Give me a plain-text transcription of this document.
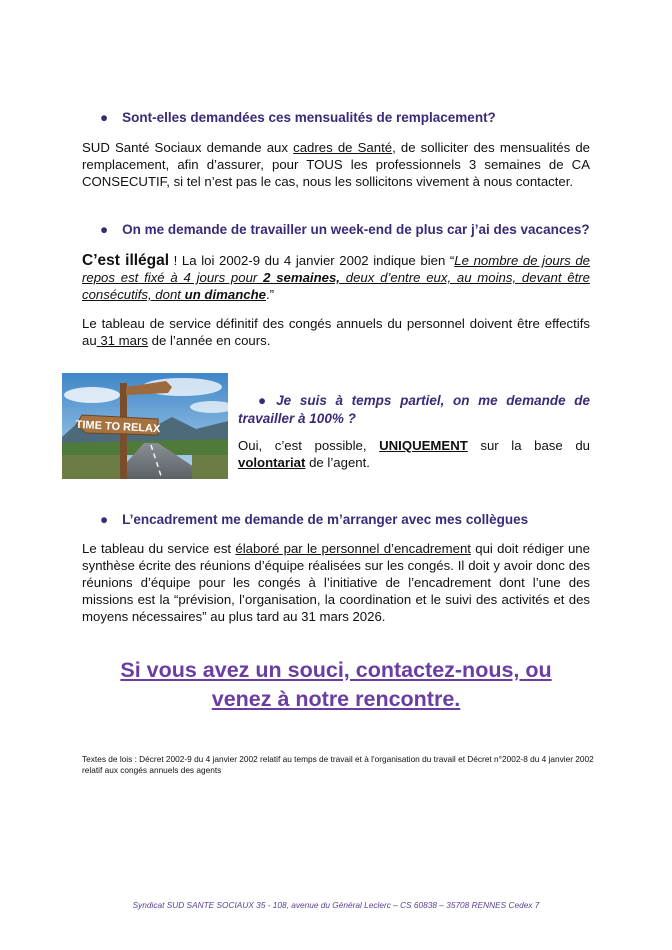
● Sont-elles demandées ces mensualités de remplacement?
SUD Santé Sociaux demande aux cadres de Santé, de solliciter des mensualités de remplacement, afin d’assurer, pour TOUS les professionnels 3 semaines de CA CONSECUTIF, si tel n’est pas le cas, nous les sollicitons vivement à nous contacter.
● On me demande de travailler un week-end de plus car j’ai des vacances?
C’est illégal ! La loi 2002-9 du 4 janvier 2002 indique bien “Le nombre de jours de repos est fixé à 4 jours pour 2 semaines, deux d’entre eux, au moins, devant être consécutifs, dont un dimanche.”
Le tableau de service définitif des congés annuels du personnel doivent être effectifs au 31 mars de l’année en cours.
TIME TO RELAX
● Je suis à temps partiel, on me demande de travailler à 100% ?
Oui, c’est possible, UNIQUEMENT sur la base du volontariat de l’agent.
● L’encadrement me demande de m’arranger avec mes collègues
Le tableau du service est élaboré par le personnel d’encadrement qui doit rédiger une synthèse écrite des réunions d’équipe réalisées sur les congés. Il doit y avoir donc des réunions d’équipe pour les congés à l’initiative de l’encadrement dont l’une des missions est la “prévision, l’organisation, la coordination et le suivi des activités et des moyens nécessaires” au plus tard au 31 mars 2026.
Si vous avez un souci, contactez-nous, ou
venez à notre rencontre.
Textes de lois : Décret 2002-9 du 4 janvier 2002 relatif au temps de travail et à l'organisation du travail et Décret n°2002-8 du 4 janvier 2002 relatif aux congés annuels des agents
Syndicat SUD SANTE SOCIAUX 35 - 108, avenue du Général Leclerc – CS 60838 – 35708 RENNES Cedex 7
